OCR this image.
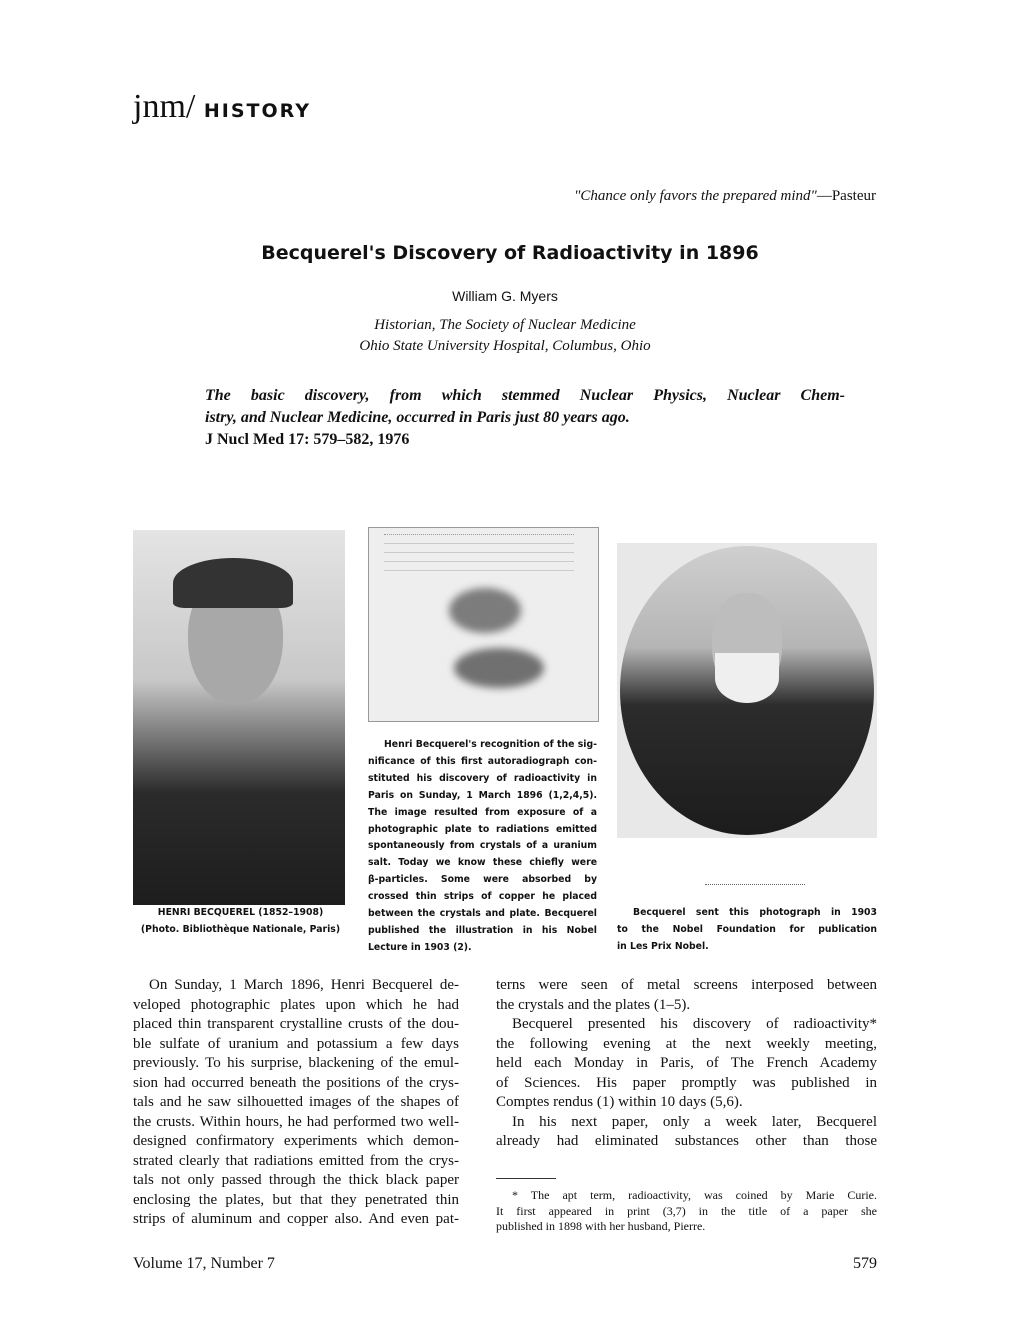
jnm/ HISTORY
"Chance only favors the prepared mind"—Pasteur
Becquerel's Discovery of Radioactivity in 1896
William G. Myers
Historian, The Society of Nuclear Medicine
Ohio State University Hospital, Columbus, Ohio
The basic discovery, from which stemmed Nuclear Physics, Nuclear Chem-
istry, and Nuclear Medicine, occurred in Paris just 80 years ago.
J Nucl Med 17: 579–582, 1976
HENRI BECQUEREL (1852–1908)
(Photo. Bibliothèque Nationale, Paris)
Henri Becquerel's recognition of the sig-
nificance of this first autoradiograph con-
stituted his discovery of radioactivity in
Paris on Sunday, 1 March 1896 (1,2,4,5).
The image resulted from exposure of a
photographic plate to radiations emitted
spontaneously from crystals of a uranium
salt. Today we know these chiefly were
β-particles. Some were absorbed by
crossed thin strips of copper he placed
between the crystals and plate. Becquerel
published the illustration in his Nobel
Lecture in 1903 (2).
Becquerel sent this photograph in 1903
to the Nobel Foundation for publication
in Les Prix Nobel.
On Sunday, 1 March 1896, Henri Becquerel de-
veloped photographic plates upon which he had
placed thin transparent crystalline crusts of the dou-
ble sulfate of uranium and potassium a few days
previously. To his surprise, blackening of the emul-
sion had occurred beneath the positions of the crys-
tals and he saw silhouetted images of the shapes of
the crusts. Within hours, he had performed two well-
designed confirmatory experiments which demon-
strated clearly that radiations emitted from the crys-
tals not only passed through the thick black paper
enclosing the plates, but that they penetrated thin
strips of aluminum and copper also. And even pat-
terns were seen of metal screens interposed between
the crystals and the plates (1–5).
Becquerel presented his discovery of radioactivity*
the following evening at the next weekly meeting,
held each Monday in Paris, of The French Academy
of Sciences. His paper promptly was published in
Comptes rendus (1) within 10 days (5,6).
In his next paper, only a week later, Becquerel
already had eliminated substances other than those
* The apt term, radioactivity, was coined by Marie Curie.
It first appeared in print (3,7) in the title of a paper she
published in 1898 with her husband, Pierre.
Volume 17, Number 7	579
